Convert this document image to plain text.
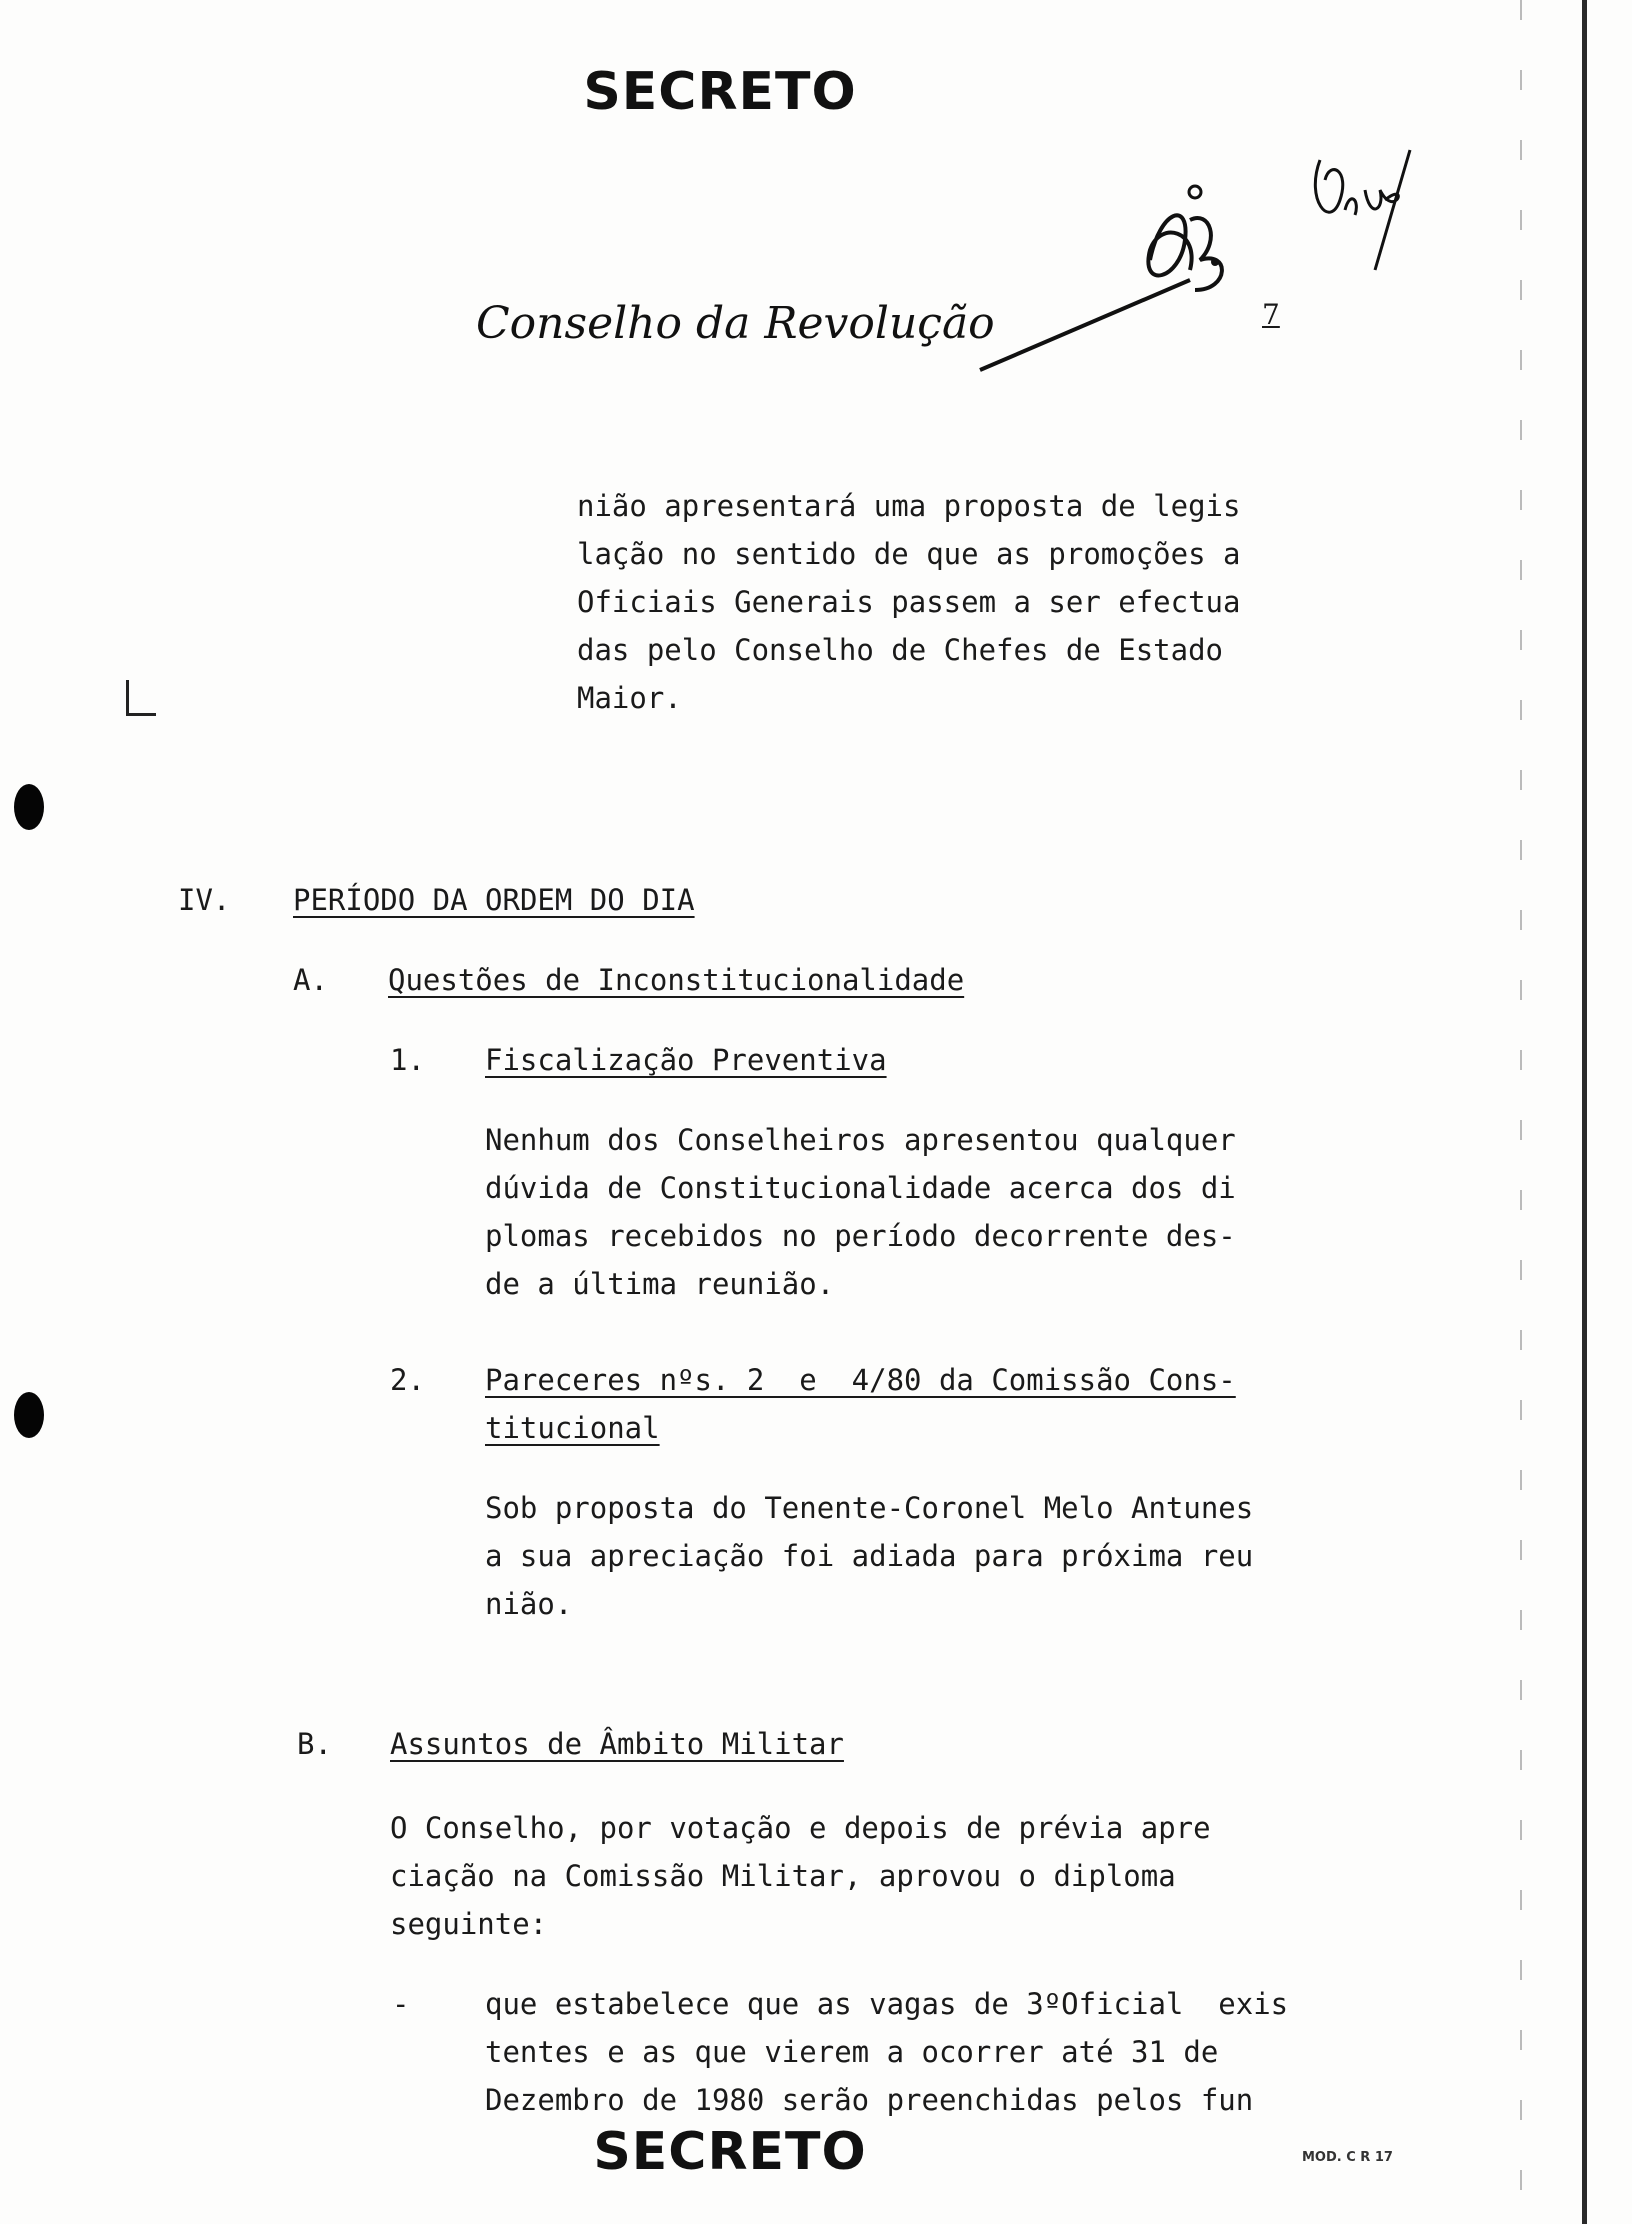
SECRETO
Conselho da Revolução	7
nião apresentará uma proposta de legis
lação no sentido de que as promoções a
Oficiais Generais passem a ser efectua
das pelo Conselho de Chefes de Estado
Maior.
IV. PERÍODO DA ORDEM DO DIA
A. Questões de Inconstitucionalidade
1. Fiscalização Preventiva
Nenhum dos Conselheiros apresentou qualquer
dúvida de Constitucionalidade acerca dos di
plomas recebidos no período decorrente des-
de a última reunião.
2. Pareceres nºs. 2  e  4/80 da Comissão Cons-
titucional
Sob proposta do Tenente-Coronel Melo Antunes
a sua apreciação foi adiada para próxima reu
nião.
B. Assuntos de Âmbito Militar
O Conselho, por votação e depois de prévia apre
ciação na Comissão Militar, aprovou o diploma
seguinte:
-	que estabelece que as vagas de 3ºOficial  exis
tentes e as que vierem a ocorrer até 31 de
Dezembro de 1980 serão preenchidas pelos fun
SECRETO	MOD. C R 17
